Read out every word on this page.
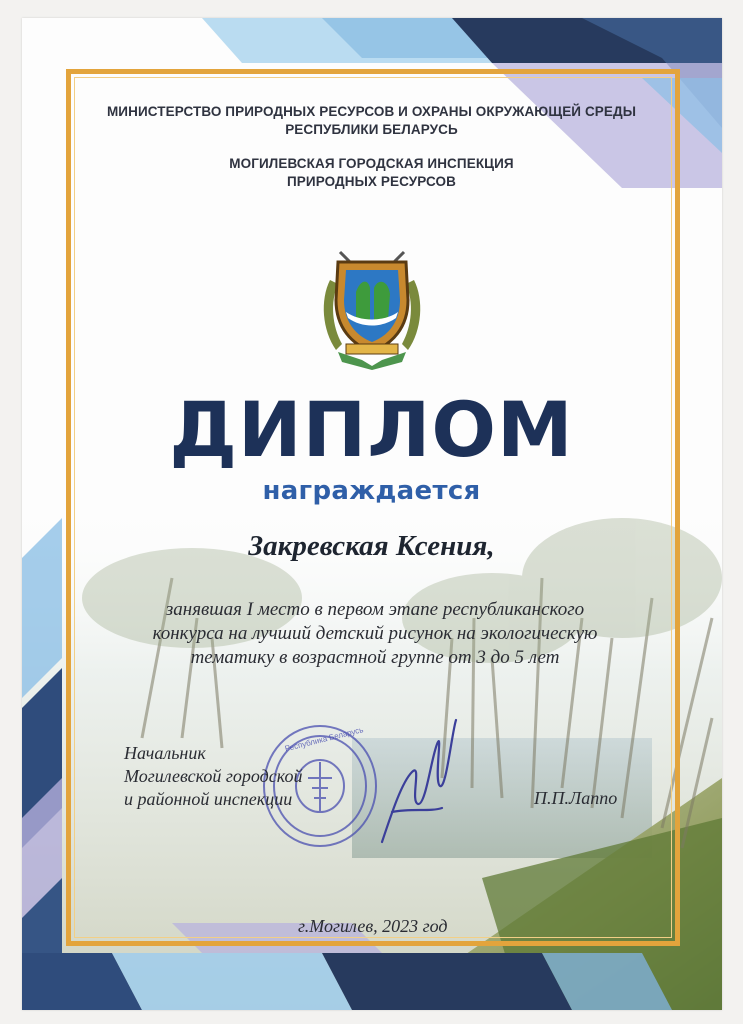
МИНИСТЕРСТВО ПРИРОДНЫХ РЕСУРСОВ И ОХРАНЫ ОКРУЖАЮЩЕЙ СРЕДЫ
РЕСПУБЛИКИ БЕЛАРУСЬ
МОГИЛЕВСКАЯ ГОРОДСКАЯ ИНСПЕКЦИЯ
ПРИРОДНЫХ РЕСУРСОВ
ДИПЛОМ
награждается
Закревская Ксения,
занявшая I место в первом этапе республиканского
конкурса на лучший детский рисунок на экологическую
тематику в возрастной группе от 3 до 5 лет
Республика Беларусь
Начальник
Могилевской городской
и районной инспекции	П.П.Лаппо
г.Могилев, 2023 год
